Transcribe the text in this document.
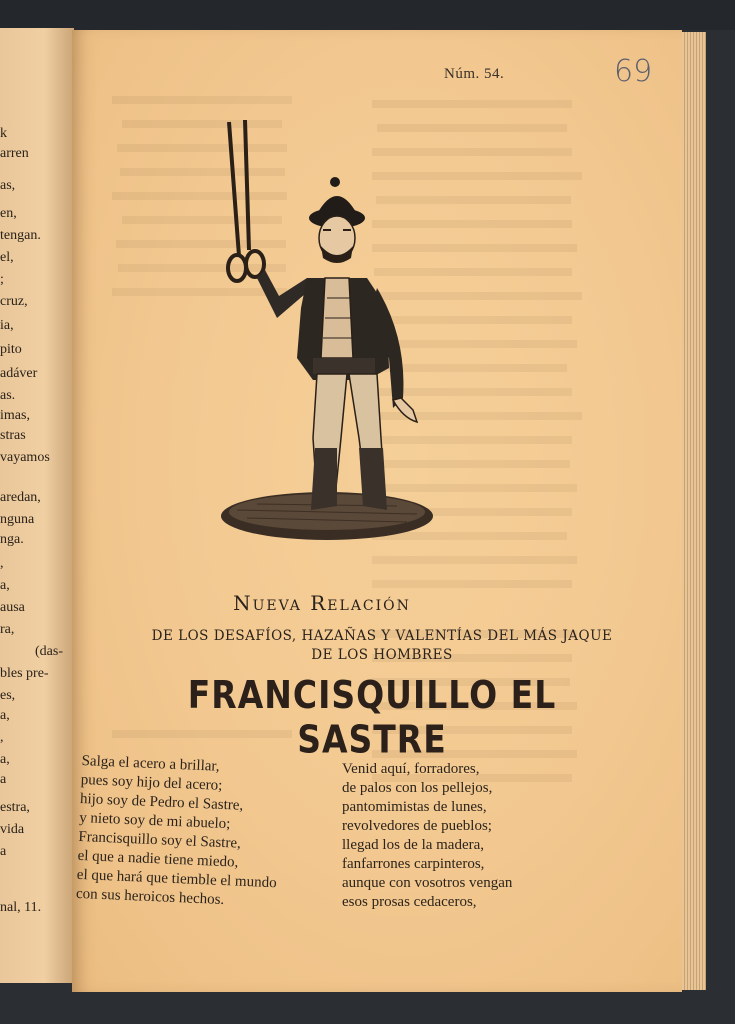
k
arren
as,
en,
tengan.
el,
;
cruz,
ia,
pito
adáver
as.
imas,
stras
vayamos
aredan,
nguna
nga.
,
a,
ausa
ra,
(das-
bles pre-
es,
a,
,
a,
a
estra,
vida
a
nal, 11.

Núm. 54.	69
Nueva Relación
DE LOS DESAFÍOS, HAZAÑAS Y VALENTÍAS DEL MÁS JAQUE
DE LOS HOMBRES
FRANCISQUILLO EL SASTRE
Salga el acero a brillar,
pues soy hijo del acero;
hijo soy de Pedro el Sastre,
y nieto soy de mi abuelo;
Francisquillo soy el Sastre,
el que a nadie tiene miedo,
el que hará que tiemble el mundo
con sus heroicos hechos.
Venid aquí, forradores,
de palos con los pellejos,
pantomimistas de lunes,
revolvedores de pueblos;
llegad los de la madera,
fanfarrones carpinteros,
aunque con vosotros vengan
esos prosas cedaceros,
